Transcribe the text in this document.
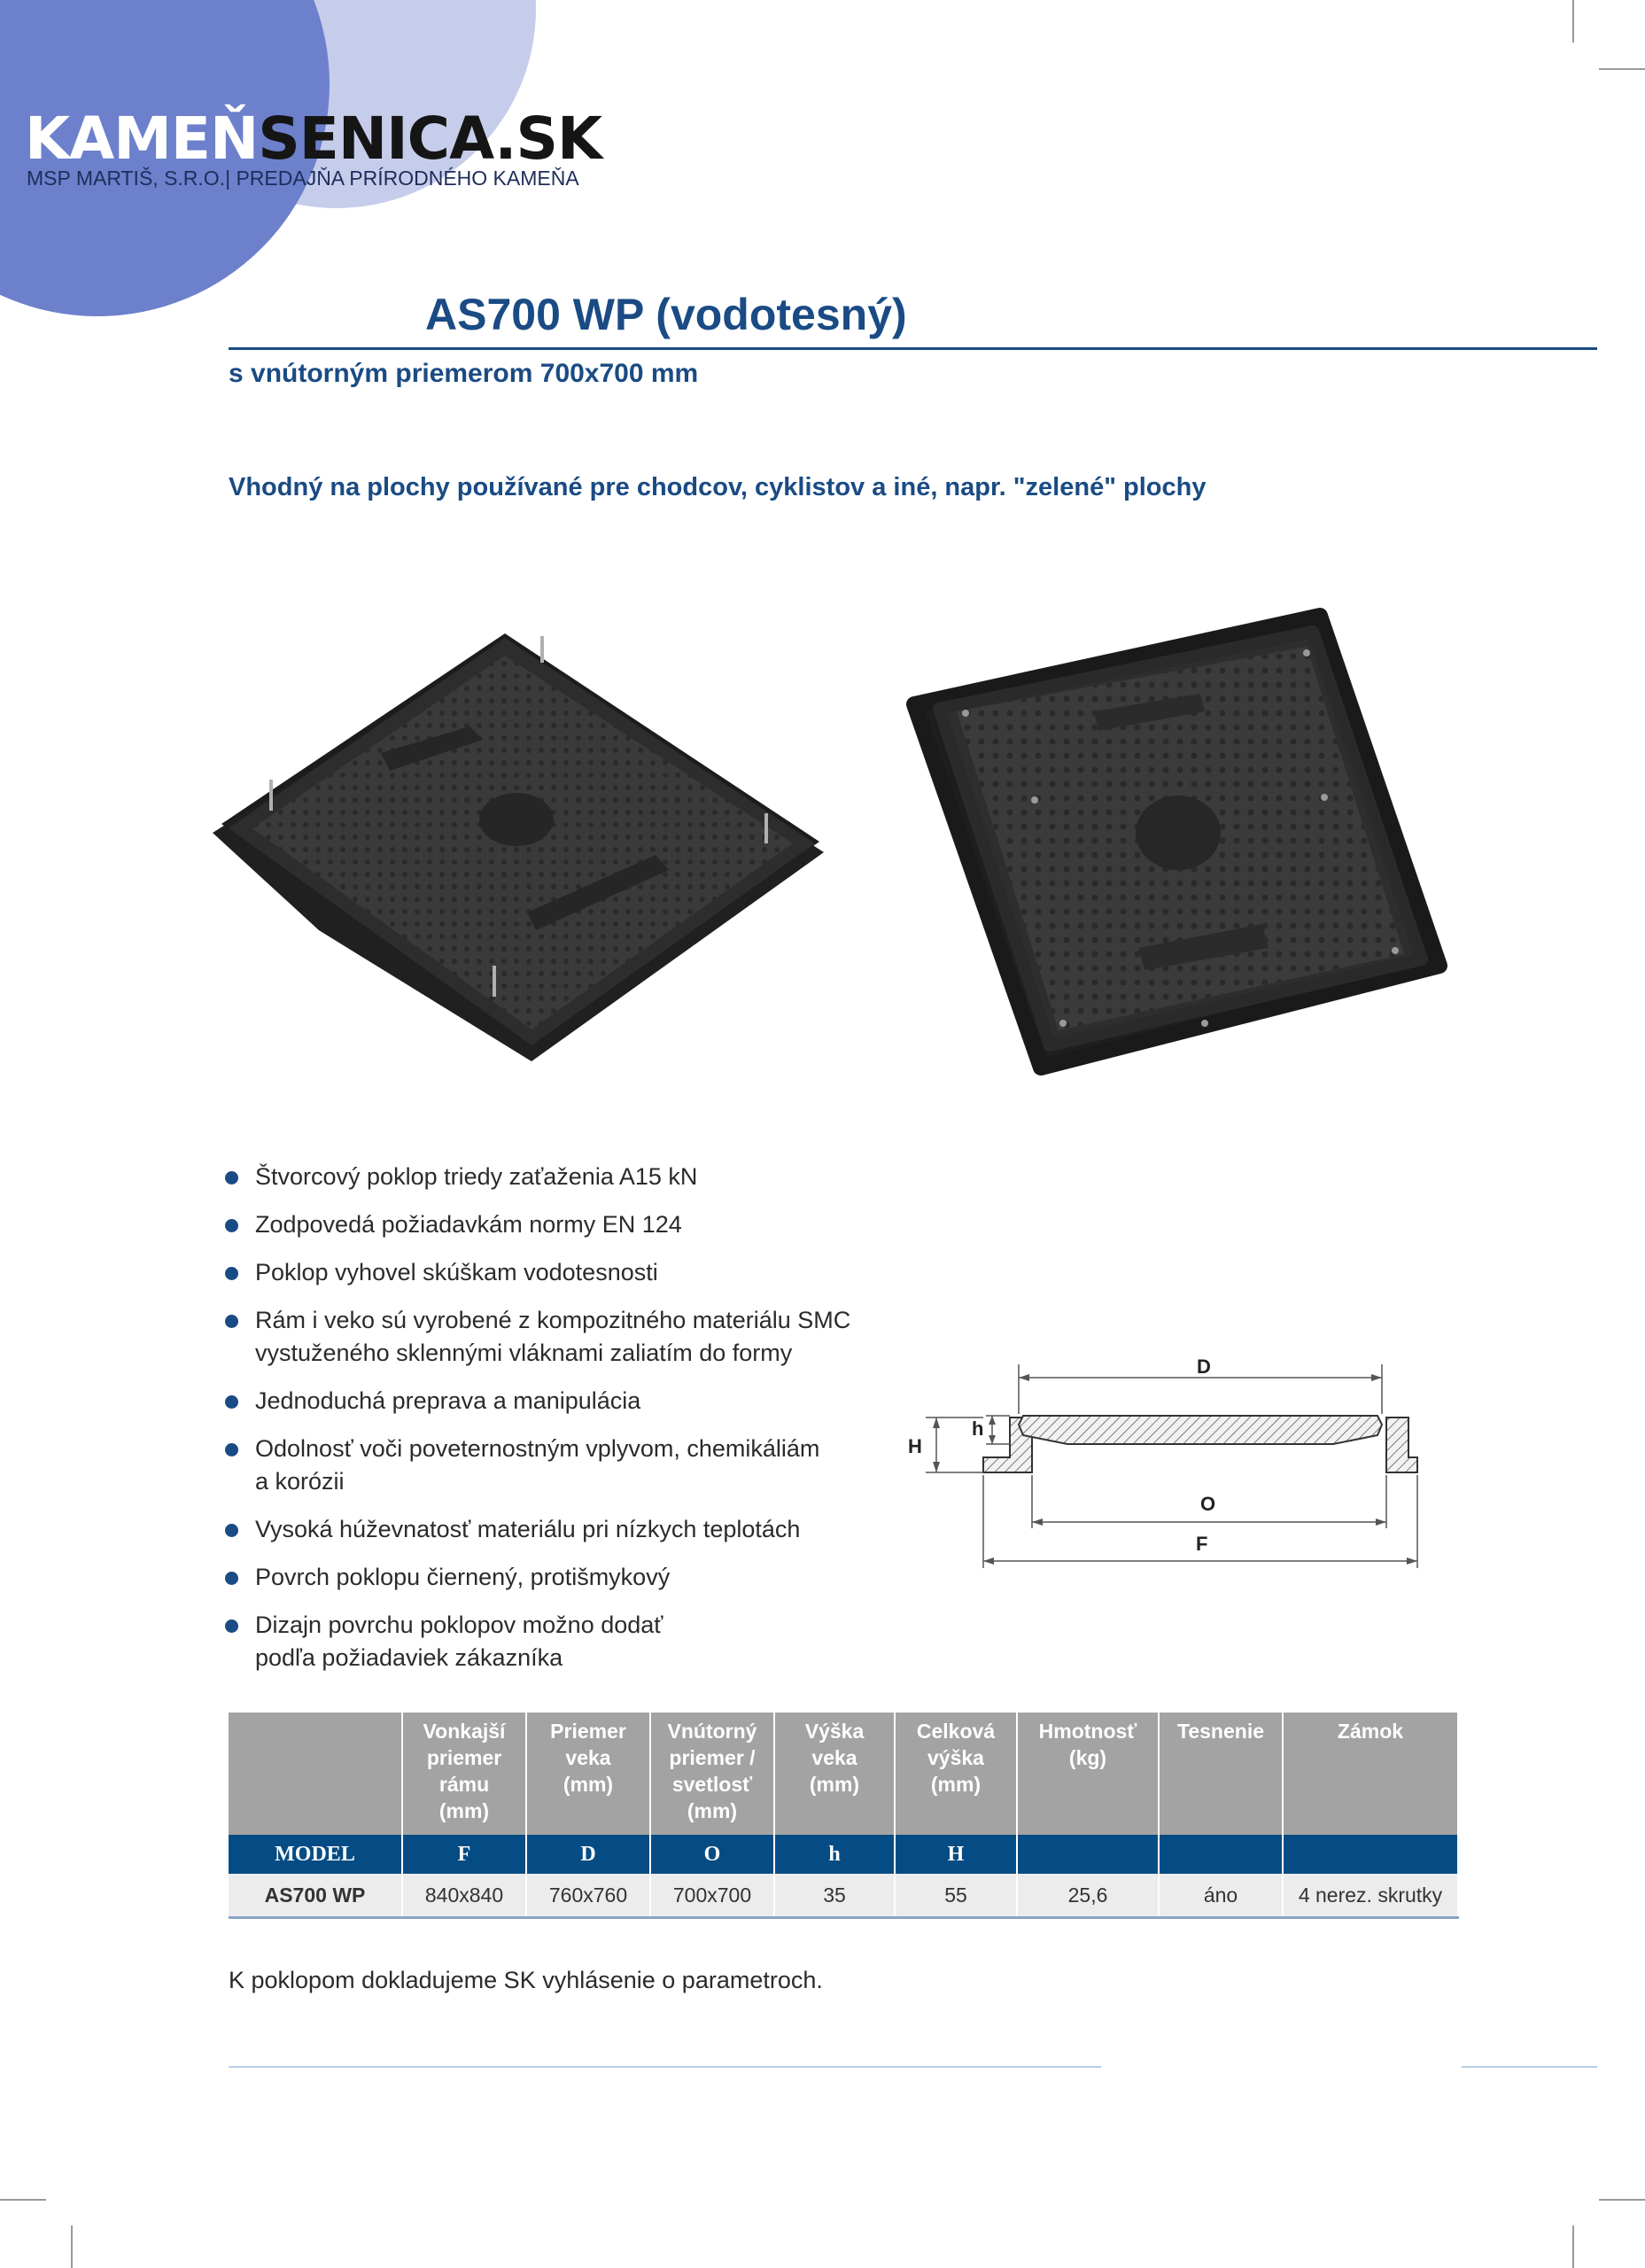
KAMEŇSENICA.SK
MSP MARTIŠ, S.R.O.| PREDAJŇA PRÍRODNÉHO KAMEŇA
AS700 WP (vodotesný)
s vnútorným priemerom 700x700 mm
Vhodný na plochy používané pre chodcov, cyklistov a iné, napr. "zelené" plochy
Štvorcový poklop triedy zaťaženia A15 kN
Zodpovedá požiadavkám normy EN 124
Poklop vyhovel skúškam vodotesnosti
Rám i veko sú vyrobené z kompozitného materiálu SMC
vystuženého sklennými vláknami zaliatím do formy
Jednoduchá preprava a manipulácia
Odolnosť voči poveternostným vplyvom, chemikáliám
a korózii
Vysoká húževnatosť materiálu pri nízkych teplotách
Povrch poklopu čiernený, protišmykový
Dizajn povrchu poklopov možno dodať
podľa požiadaviek zákazníka
D
H
h
O
F
	Vonkajší
priemer
rámu
(mm)	Priemer
veka
(mm)	Vnútorný
priemer /
svetlosť
(mm)	Výška
veka
(mm)	Celková
výška
(mm)	Hmotnosť
(kg)	Tesnenie	Zámok
MODEL	F	D	O	h	H			
AS700 WP	840x840	760x760	700x700	35	55	25,6	áno	4 nerez. skrutky
K poklopom dokladujeme SK vyhlásenie o parametroch.
